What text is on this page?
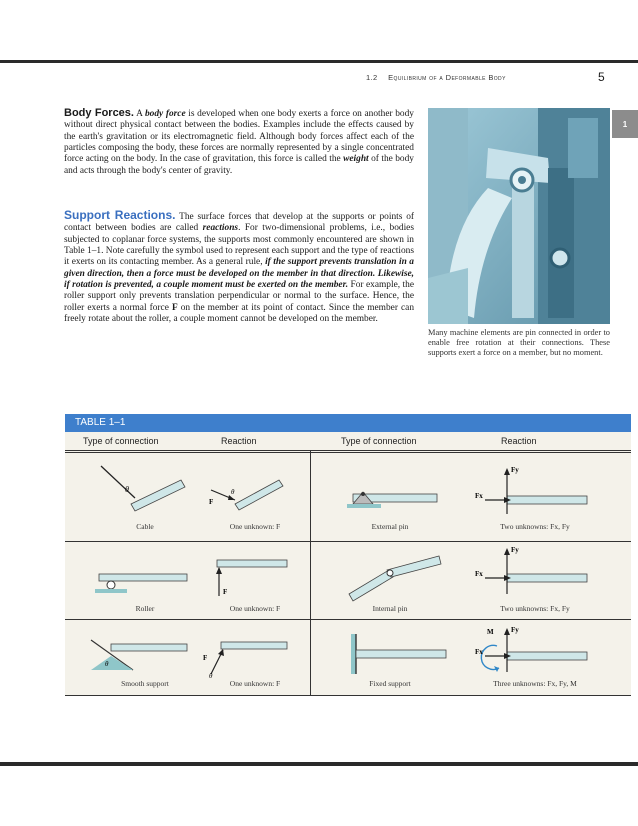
1.2 Equilibrium of a Deformable Body	5
1
Body Forces. A body force is developed when one body exerts a force on another body without direct physical contact between the bodies. Examples include the effects caused by the earth's gravitation or its electromagnetic field. Although body forces affect each of the particles composing the body, these forces are normally represented by a single concentrated force acting on the body. In the case of gravitation, this force is called the weight of the body and acts through the body's center of gravity.
Support Reactions. The surface forces that develop at the supports or points of contact between bodies are called reactions. For two-dimensional problems, i.e., bodies subjected to coplanar force systems, the supports most commonly encountered are shown in Table 1–1. Note carefully the symbol used to represent each support and the type of reactions it exerts on its contacting member. As a general rule, if the support prevents translation in a given direction, then a force must be developed on the member in that direction. Likewise, if rotation is prevented, a couple moment must be exerted on the member. For example, the roller support only prevents translation perpendicular or normal to the surface. Hence, the roller exerts a normal force F on the member at its point of contact. Since the member can freely rotate about the roller, a couple moment cannot be developed on the member.
Many machine elements are pin connected in order to enable free rotation at their connections. These supports exert a force on a member, but no moment.
TABLE 1–1
Type of connection	Reaction	Type of connection	Reaction
Cable	One unknown: F	External pin	Two unknowns: Fx, Fy
Roller	One unknown: F	Internal pin	Two unknowns: Fx, Fy
Smooth support	One unknown: F	Fixed support	Three unknowns: Fx, Fy, M
θ
F
θ	Fx
Fy
F
Fx
Fy
θ
F
θ
Fx
Fy
M
